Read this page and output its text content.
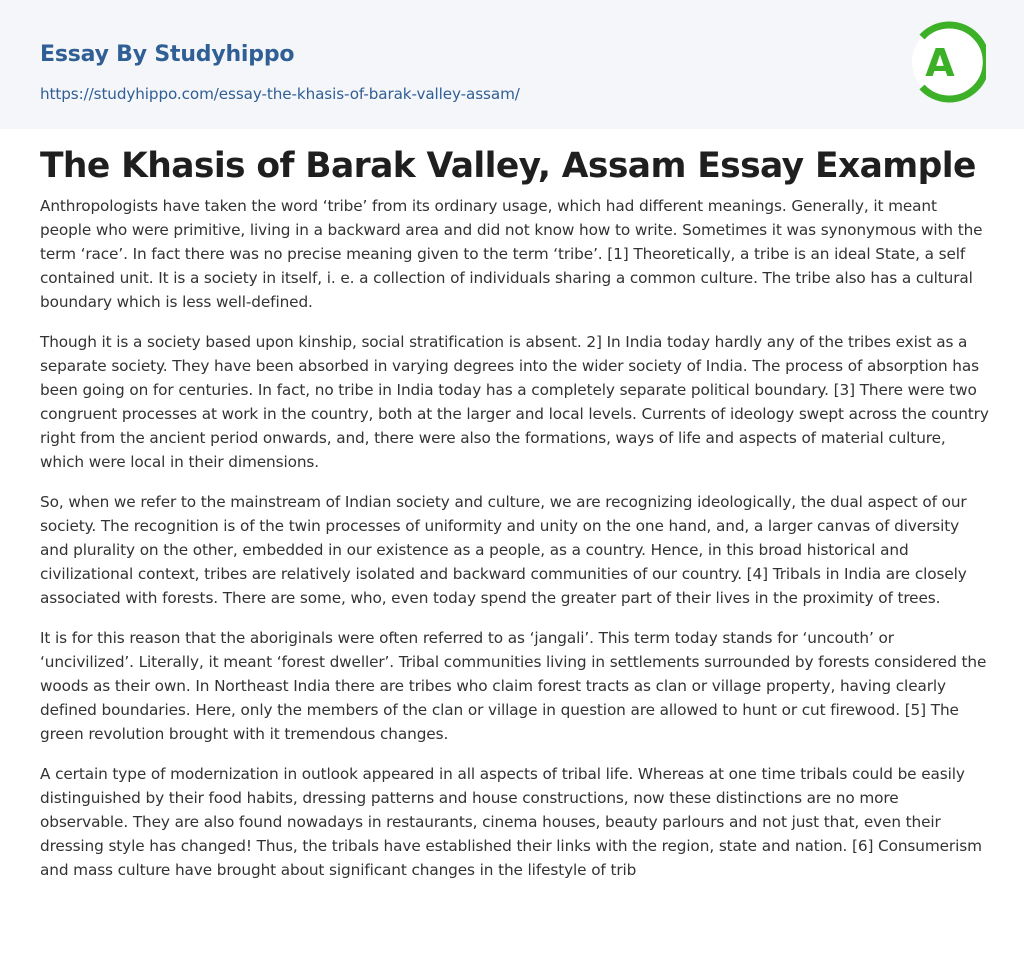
Essay By Studyhippo
https://studyhippo.com/essay-the-khasis-of-barak-valley-assam/
A
The Khasis of Barak Valley, Assam Essay Example

Anthropologists have taken the word ‘tribe’ from its ordinary usage, which had different meanings. Generally, it meant people who were primitive, living in a backward area and did not know how to write. Sometimes it was synonymous with the term ‘race’. In fact there was no precise meaning given to the term ‘tribe’. [1] Theoretically, a tribe is an ideal State, a self contained unit. It is a society in itself, i. e. a collection of individuals sharing a common culture. The tribe also has a cultural boundary which is less well-defined.

Though it is a society based upon kinship, social stratification is absent. 2] In India today hardly any of the tribes exist as a separate society. They have been absorbed in varying degrees into the wider society of India. The process of absorption has been going on for centuries. In fact, no tribe in India today has a completely separate political boundary. [3] There were two congruent processes at work in the country, both at the larger and local levels. Currents of ideology swept across the country right from the ancient period onwards, and, there were also the formations, ways of life and aspects of material culture, which were local in their dimensions.

So, when we refer to the mainstream of Indian society and culture, we are recognizing ideologically, the dual aspect of our society. The recognition is of the twin processes of uniformity and unity on the one hand, and, a larger canvas of diversity and plurality on the other, embedded in our existence as a people, as a country. Hence, in this broad historical and civilizational context, tribes are relatively isolated and backward communities of our country. [4] Tribals in India are closely associated with forests. There are some, who, even today spend the greater part of their lives in the proximity of trees.

It is for this reason that the aboriginals were often referred to as ‘jangali’. This term today stands for ‘uncouth’ or ‘uncivilized’. Literally, it meant ‘forest dweller’. Tribal communities living in settlements surrounded by forests considered the woods as their own. In Northeast India there are tribes who claim forest tracts as clan or village property, having clearly defined boundaries. Here, only the members of the clan or village in question are allowed to hunt or cut firewood. [5] The green revolution brought with it tremendous changes.

A certain type of modernization in outlook appeared in all aspects of tribal life. Whereas at one time tribals could be easily distinguished by their food habits, dressing patterns and house constructions, now these distinctions are no more observable. They are also found nowadays in restaurants, cinema houses, beauty parlours and not just that, even their dressing style has changed! Thus, the tribals have established their links with the region, state and nation. [6] Consumerism and mass culture have brought about significant changes in the lifestyle of trib
